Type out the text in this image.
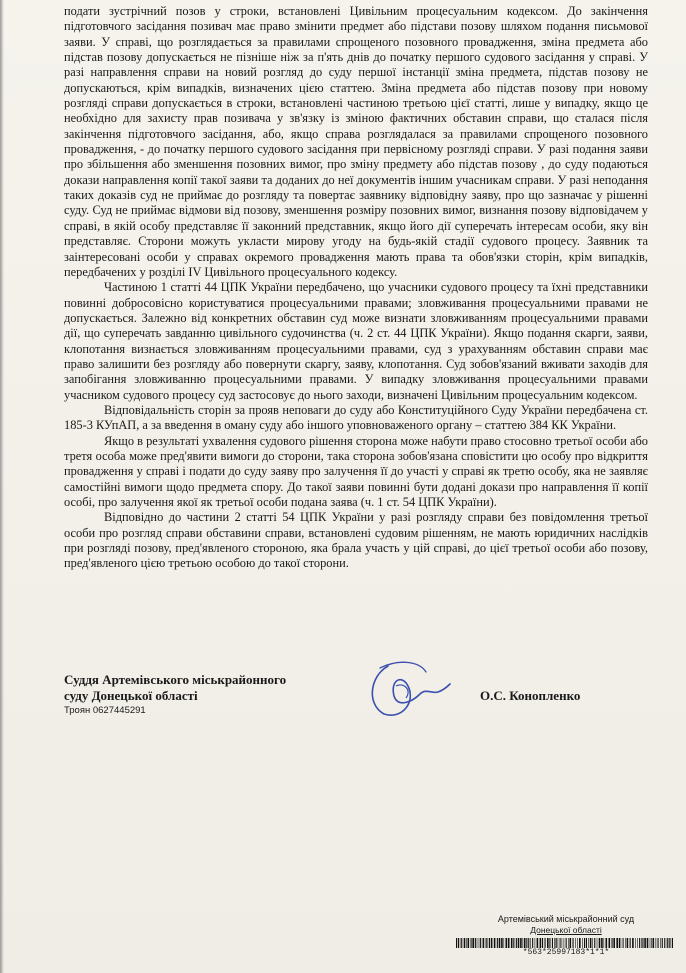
подати зустрічний позов у строки, встановлені Цивільним процесуальним кодексом. До закінчення підготовчого засідання позивач має право змінити предмет або підстави позову шляхом подання письмової заяви. У справі, що розглядається за правилами спрощеного позовного провадження, зміна предмета або підстав позову допускається не пізніше ніж за п'ять днів до початку першого судового засідання у справі. У разі направлення справи на новий розгляд до суду першої інстанції зміна предмета, підстав позову не допускаються, крім випадків, визначених цією статтею. Зміна предмета або підстав позову при новому розгляді справи допускається в строки, встановлені частиною третьою цієї статті, лише у випадку, якщо це необхідно для захисту прав позивача у зв'язку із зміною фактичних обставин справи, що сталася після закінчення підготовчого засідання, або, якщо справа розглядалася за правилами спрощеного позовного провадження, - до початку першого судового засідання при первісному розгляді справи. У разі подання заяви про збільшення або зменшення позовних вимог, про зміну предмету або підстав позову , до суду подаються докази направлення копії такої заяви та доданих до неї документів іншим учасникам справи. У разі неподання таких доказів суд не приймає до розгляду та повертає заявнику відповідну заяву, про що зазначає у рішенні суду. Суд не приймає відмови від позову, зменшення розміру позовних вимог, визнання позову відповідачем у справі, в якій особу представляє її законний представник, якщо його дії суперечать інтересам особи, яку він представляє. Сторони можуть укласти мирову угоду на будь-якій стадії судового процесу. Заявник та заінтересовані особи у справах окремого провадження мають права та обов'язки сторін, крім випадків, передбачених у розділі IV Цивільного процесуального кодексу.

Частиною 1 статті 44 ЦПК України передбачено, що учасники судового процесу та їхні представники повинні добросовісно користуватися процесуальними правами; зловживання процесуальними правами не допускається. Залежно від конкретних обставин суд може визнати зловживанням процесуальними правами дії, що суперечать завданню цивільного судочинства (ч. 2 ст. 44 ЦПК України). Якщо подання скарги, заяви, клопотання визнається зловживанням процесуальними правами, суд з урахуванням обставин справи має право залишити без розгляду або повернути скаргу, заяву, клопотання. Суд зобов'язаний вживати заходів для запобігання зловживанню процесуальними правами. У випадку зловживання процесуальними правами учасником судового процесу суд застосовує до нього заходи, визначені Цивільним процесуальним кодексом.

Відповідальність сторін за прояв неповаги до суду або Конституційного Суду України передбачена ст. 185-3 КУпАП, а за введення в оману суду або іншого уповноваженого органу – статтею 384 КК України.

Якщо в результаті ухвалення судового рішення сторона може набути право стосовно третьої особи або третя особа може пред'явити вимоги до сторони, така сторона зобов'язана сповістити цю особу про відкриття провадження у справі і подати до суду заяву про залучення її до участі у справі як третю особу, яка не заявляє самостійні вимоги щодо предмета спору. До такої заяви повинні бути додані докази про направлення її копії особі, про залучення якої як третьої особи подана заява (ч. 1 ст. 54 ЦПК України).

Відповідно до частини 2 статті 54 ЦПК України у разі розгляду справи без повідомлення третьої особи про розгляд справи обставини справи, встановлені судовим рішенням, не мають юридичних наслідків при розгляді позову, пред'явленого стороною, яка брала участь у цій справі, до цієї третьої особи або позову, пред'явленого цією третьою особою до такої сторони.

Суддя Артемівського міськрайонного
суду Донецької області
Троян 0627445291
О.С. Конопленко
Артемівський міськрайонний суд
Донецької області
*563*25997183*1*1*
